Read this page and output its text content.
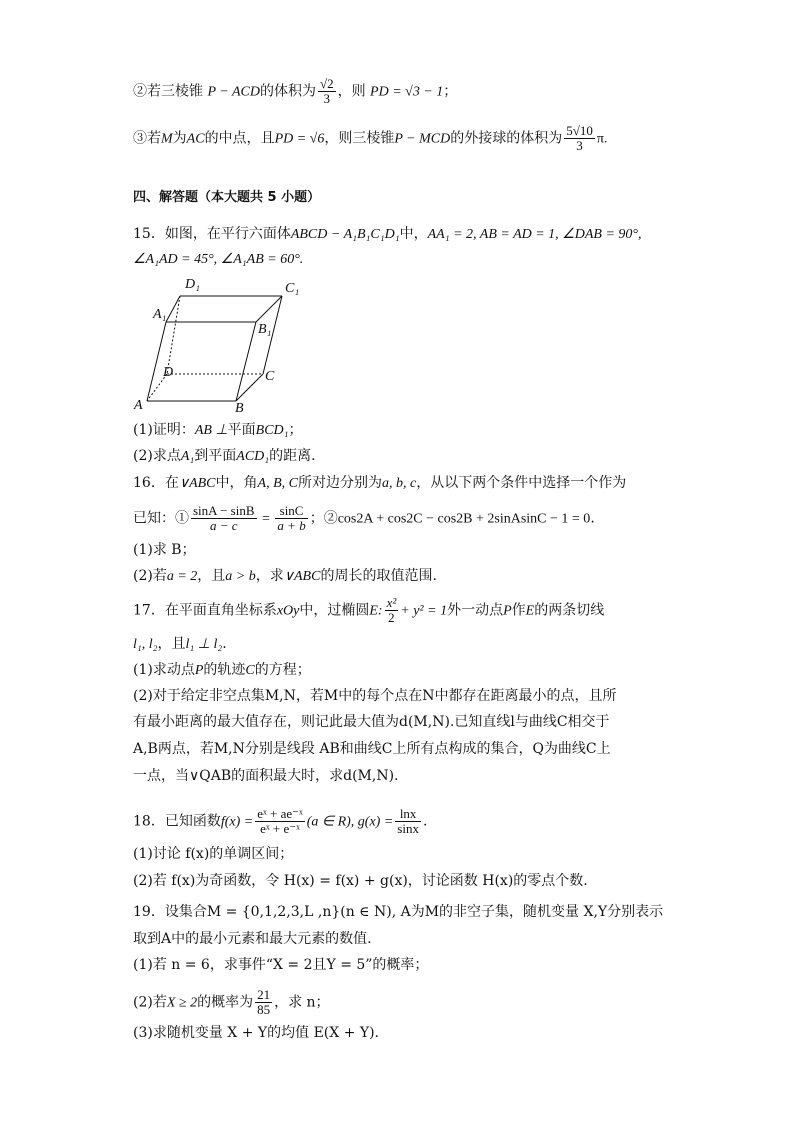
②若三棱锥 P − ACD的体积为 $\frac{√2}{3}$ ，则 PD = √3 − 1；
③若M为AC的中点，且PD = √6，则三棱锥P − MCD的外接球的体积为 $\frac{5√10}{3} \pi$.
四、解答题（本大题共 5 小题）
15．如图，在平行六面体ABCD − A₁B₁C₁D₁中，AA₁ = 2, AB = AD = 1, ∠DAB = 90°,
∠A₁AD = 45°, ∠A₁AB = 60°.
D₁	C₁
A₁
B₁
D	C
A	B
(1)证明：AB ⊥平面BCD₁；
(2)求点A₁到平面ACD₁的距离.
16．在∨ABC中，角A, B, C所对边分别为a, b, c，从以下两个条件中选择一个作为
已知：① $\frac{\sin A - \sin B}{a - c} = \frac{\sin C}{a + b}$ ；②cos2A + cos2C − cos2B + 2sinAsinC − 1 = 0.
(1)求 B；
(2)若a = 2，且a > b，求∨ABC的周长的取值范围.
17．在平面直角坐标系xOy中，过椭圆E: $\frac{\text{x²}}{2} + y^2 = 1$外一动点P作E的两条切线
l₁, l₂，且l₁ ⊥ l₂.
(1)求动点P的轨迹C的方程；
(2)对于给定非空点集M,N，若M中的每个点在N中都存在距离最小的点，且所
有最小距离的最大值存在，则记此最大值为d(M,N).已知直线l与曲线C相交于
A,B两点，若M,N分别是线段 AB和曲线C上所有点构成的集合，Q为曲线C上
一点，当∨QAB的面积最大时，求d(M,N).
18．已知函数$f(x) = \frac{\text{eˣ + ae⁻ˣ}}{\text{eˣ + e⁻ˣ}} (a$ ∈ R), $g(x) = \frac{\ln x}{\sin x}$ .
(1)讨论 f(x)的单调区间；
(2)若 f(x)为奇函数，令 H(x) = f(x) + g(x)，讨论函数 H(x)的零点个数.
19．设集合M = {0,1,2,3,L ,n}(n ∈ N), A为M的非空子集，随机变量 X,Y分别表示
取到A中的最小元素和最大元素的数值.
(1)若 n = 6，求事件“X = 2且Y = 5”的概率；
(2)若X ≥ 2的概率为 $\frac{21}{85}$ ，求 n；
(3)求随机变量 X + Y的均值 E(X + Y).
